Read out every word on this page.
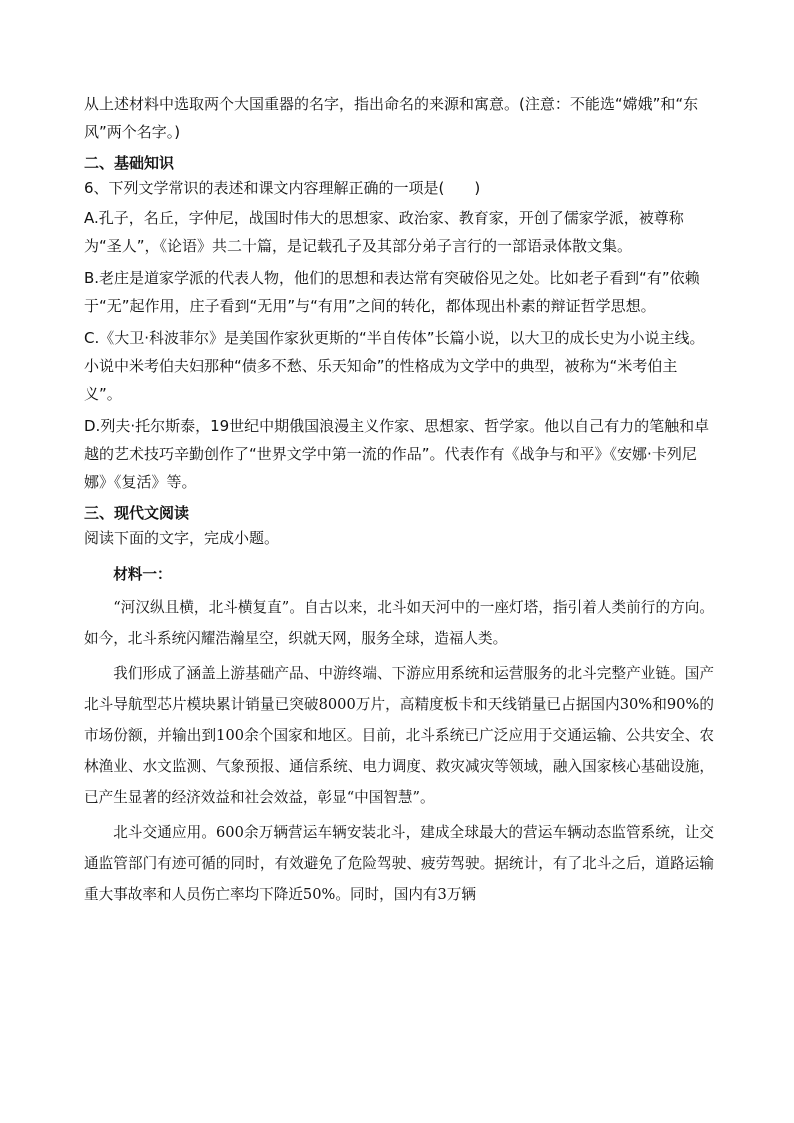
从上述材料中选取两个大国重器的名字，指出命名的来源和寓意。(注意：不能选“嫦娥”和“东风”两个名字。)

二、基础知识

6、下列文学常识的表述和课文内容理解正确的一项是(　　)

A.孔子，名丘，字仲尼，战国时伟大的思想家、政治家、教育家，开创了儒家学派，被尊称为“圣人”，《论语》共二十篇，是记载孔子及其部分弟子言行的一部语录体散文集。

B.老庄是道家学派的代表人物，他们的思想和表达常有突破俗见之处。比如老子看到“有”依赖于“无”起作用，庄子看到“无用”与“有用”之间的转化，都体现出朴素的辩证哲学思想。

C.《大卫·科波菲尔》是美国作家狄更斯的“半自传体”长篇小说，以大卫的成长史为小说主线。小说中米考伯夫妇那种“债多不愁、乐天知命”的性格成为文学中的典型，被称为“米考伯主义”。

D.列夫·托尔斯泰，19世纪中期俄国浪漫主义作家、思想家、哲学家。他以自己有力的笔触和卓越的艺术技巧辛勤创作了“世界文学中第一流的作品”。代表作有《战争与和平》《安娜·卡列尼娜》《复活》等。

三、现代文阅读

阅读下面的文字，完成小题。

材料一：

“河汉纵且横，北斗横复直”。自古以来，北斗如天河中的一座灯塔，指引着人类前行的方向。如今，北斗系统闪耀浩瀚星空，织就天网，服务全球，造福人类。

我们形成了涵盖上游基础产品、中游终端、下游应用系统和运营服务的北斗完整产业链。国产北斗导航型芯片模块累计销量已突破8000万片，高精度板卡和天线销量已占据国内30%和90%的市场份额，并输出到100余个国家和地区。目前，北斗系统已广泛应用于交通运输、公共安全、农林渔业、水文监测、气象预报、通信系统、电力调度、救灾减灾等领域，融入国家核心基础设施，已产生显著的经济效益和社会效益，彰显“中国智慧”。

北斗交通应用。600余万辆营运车辆安装北斗，建成全球最大的营运车辆动态监管系统，让交通监管部门有迹可循的同时，有效避免了危险驾驶、疲劳驾驶。据统计，有了北斗之后，道路运输重大事故率和人员伤亡率均下降近50%。同时，国内有3万辆
